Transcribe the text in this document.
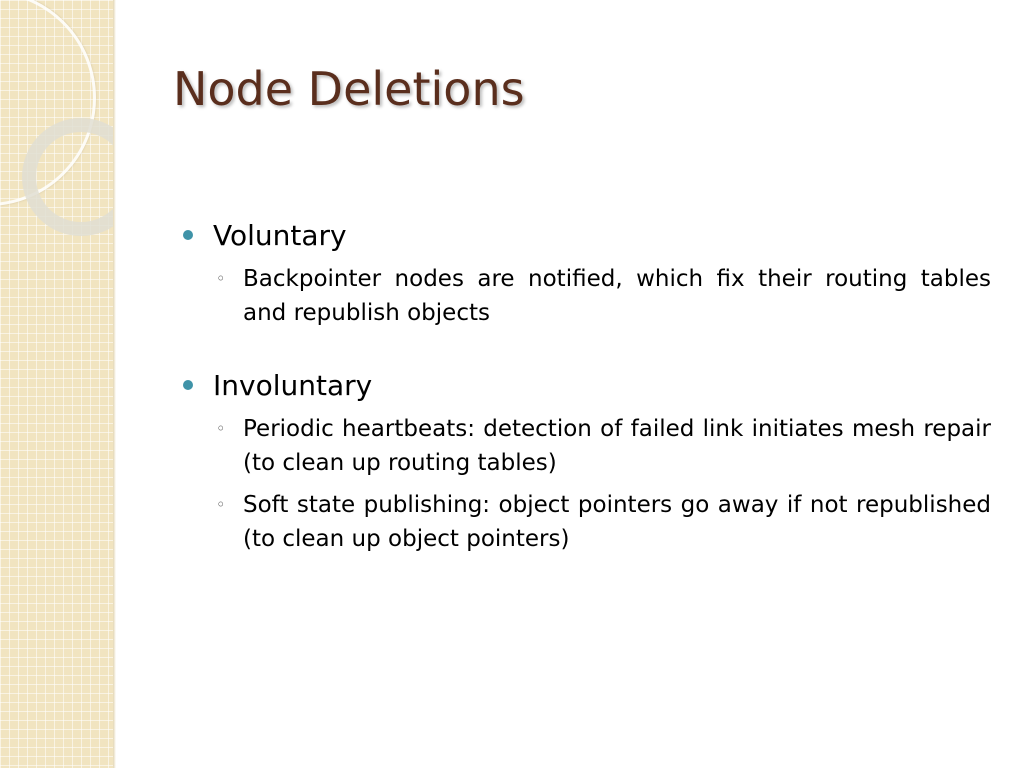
Node Deletions
Voluntary
◦ Backpointer nodes are notified, which fix their routing tables and republish objects
Involuntary
◦ Periodic heartbeats: detection of failed link initiates mesh repair (to clean up routing tables)
◦ Soft state publishing: object pointers go away if not republished (to clean up object pointers)
